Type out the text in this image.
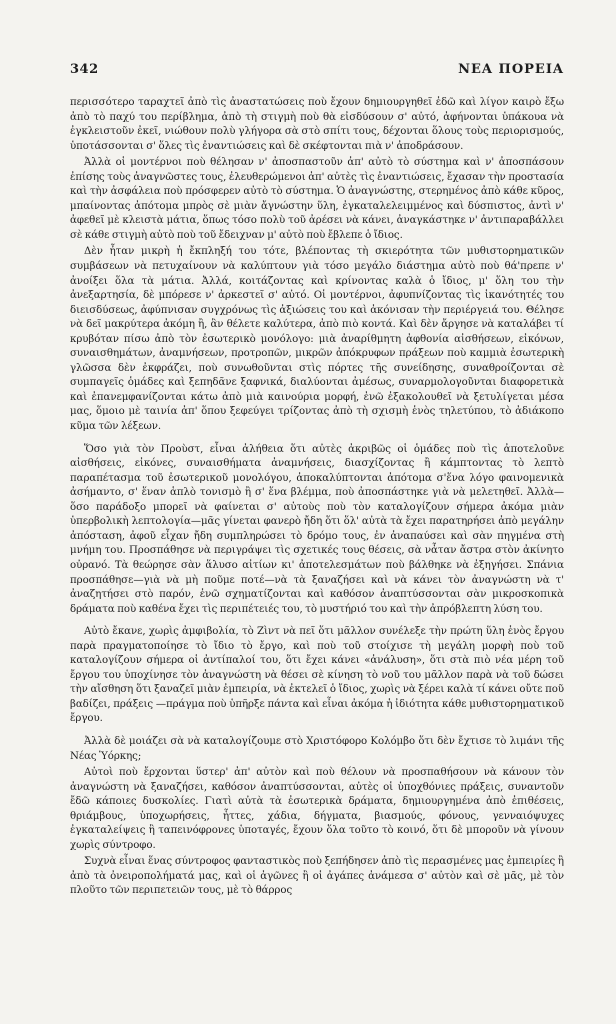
342	ΝΕΑ ΠΟΡΕΙΑ

περισσότερο ταραχτεῖ ἀπὸ τὶς ἀναστατώσεις ποὺ ἔχουν δημιουργηθεῖ ἐδῶ καὶ λίγον καιρὸ ἔξω ἀπὸ τὸ παχύ του περίβλημα, ἀπὸ τὴ στιγμὴ ποὺ θὰ εἰσδύσουν σ' αὐτό, ἀφήνονται ὑπάκουα νὰ ἐγκλειστοῦν ἐκεῖ, νιώθουν πολὺ γλήγορα σὰ στὸ σπίτι τους, δέχονται ὅλους τοὺς περιορισμούς, ὑποτάσσονται σ' ὅλες τὶς ἐναντιώσεις καὶ δὲ σκέφτονται πιὰ ν' ἀποδράσουν.

Ἀλλὰ οἱ μοντέρνοι ποὺ θέλησαν ν' ἀποσπαστοῦν ἀπ' αὐτὸ τὸ σύστημα καὶ ν' ἀποσπάσουν ἐπίσης τοὺς ἀναγνῶστες τους, ἐλευθερώμενοι ἀπ' αὐτὲς τὶς ἐναντιώσεις, ἔχασαν τὴν προστασία καὶ τὴν ἀσφάλεια ποὺ πρόσφερεν αὐτὸ τὸ σύστημα. Ὁ ἀναγνώστης, στερημένος ἀπὸ κάθε κῦρος, μπαίνοντας ἀπότομα μπρὸς σὲ μιὰν ἄγνώστην ὕλη, ἐγκαταλελειμμένος καὶ δύσπιστος, ἀντὶ ν' ἀφεθεῖ μὲ κλειστὰ μάτια, ὅπως τόσο πολὺ τοῦ ἀρέσει νὰ κάνει, ἀναγκάστηκε ν' ἀντιπαραβάλλει σὲ κάθε στιγμὴ αὐτὸ ποὺ τοῦ ἔδειχναν μ' αὐτὸ ποὺ ἔβλεπε ὁ ἴδιος.

Δὲν ἦταν μικρὴ ἡ ἔκπληξή του τότε, βλέποντας τὴ σκιερότητα τῶν μυθιστορηματικῶν συμβάσεων νὰ πετυχαίνουν νὰ καλύπτουν γιὰ τόσο μεγάλο διάστημα αὐτὸ ποὺ θά'πρεπε ν' ἀνοίξει ὅλα τὰ μάτια. Ἀλλά, κοιτάζοντας καὶ κρίνοντας καλὰ ὁ ἴδιος, μ' ὅλη του τὴν ἀνεξαρτησία, δὲ μπόρεσε ν' ἀρκεστεῖ σ' αὐτό. Οἱ μοντέρνοι, ἀφυπνίζοντας τὶς ἱκανότητές του διεισδύσεως, ἀφύπνισαν συγχρόνως τὶς ἀξιώσεις του καὶ ἀκόνισαν τὴν περιέργειά του. Θέλησε νὰ δεῖ μακρύτερα ἀκόμη ἢ, ἂν θέλετε καλύτερα, ἀπὸ πιὸ κοντά. Καὶ δὲν ἄργησε νὰ καταλάβει τί κρυβόταν πίσω ἀπὸ τὸν ἐσωτερικὸ μονόλογο: μιὰ ἀναρίθμητη ἀφθονία αἰσθήσεων, εἰκόνων, συναισθημάτων, ἀναμνήσεων, προτροπῶν, μικρῶν ἀπόκρυφων πράξεων ποὺ καμμιὰ ἐσωτερικὴ γλῶσσα δὲν ἐκφράζει, ποὺ συνωθοῦνται στὶς πόρτες τῆς συνείδησης, συναθροίζονται σὲ συμπαγεῖς ὁμάδες καὶ ξεπηδᾶνε ξαφνικά, διαλύονται ἀμέσως, συναρμολογοῦνται διαφορετικὰ καὶ ἐπανεμφανίζονται κάτω ἀπὸ μιὰ καινούρια μορφή, ἐνῶ ἐξακολουθεῖ νὰ ξετυλίγεται μέσα μας, ὅμοιο μὲ ταινία ἀπ' ὅπου ξεφεύγει τρίζοντας ἀπὸ τὴ σχισμὴ ἑνὸς τηλετύπου, τὸ ἀδιάκοπο κῦμα τῶν λέξεων.

Ὅσο γιὰ τὸν Προὺστ, εἶναι ἀλήθεια ὅτι αὐτὲς ἀκριβῶς οἱ ὁμάδες ποὺ τὶς ἀποτελοῦνε αἰσθήσεις, εἰκόνες, συναισθήματα ἀναμνήσεις, διασχίζοντας ἢ κάμπτοντας τὸ λεπτὸ παραπέτασμα τοῦ ἐσωτερικοῦ μονολόγου, ἀποκαλύπτονται ἀπότομα σ'ἕνα λόγο φαινομενικὰ ἀσήμαντο, σ' ἕναν ἁπλὸ τονισμὸ ἢ σ' ἕνα βλέμμα, ποὺ ἀποσπάστηκε γιὰ νὰ μελετηθεῖ. Ἀλλὰ—ὅσο παράδοξο μπορεῖ νὰ φαίνεται σ' αὐτοὺς ποὺ τὸν καταλογίζουν σήμερα ἀκόμα μιὰν ὑπερβολικὴ λεπτολογία—μᾶς γίνεται φανερὸ ἤδη ὅτι ὅλ' αὐτὰ τὰ ἔχει παρατηρήσει ἀπὸ μεγάλην ἀπόσταση, ἀφοῦ εἶχαν ἤδη συμπληρώσει τὸ δρόμο τους, ἐν ἀναπαύσει καὶ σὰν πηγμένα στὴ μνήμη του. Προσπάθησε νὰ περιγράψει τὶς σχετικές τους θέσεις, σὰ νἆταν ἄστρα στὸν ἀκίνητο οὐρανό. Τὰ θεώρησε σὰν ἅλυσο αἰτίων κι' ἀποτελεσμάτων ποὺ βάλθηκε νὰ ἐξηγήσει. Σπάνια προσπάθησε—γιὰ νὰ μὴ ποῦμε ποτέ—νὰ τὰ ξαναζήσει καὶ νὰ κάνει τὸν ἀναγνώστη νὰ τ' ἀναζητήσει στὸ παρόν, ἐνῶ σχηματίζονται καὶ καθόσον ἀναπτύσσονται σὰν μικροσκοπικὰ δράματα ποὺ καθένα ἔχει τὶς περιπέτειές του, τὸ μυστήριό του καὶ τὴν ἀπρόβλεπτη λύση του.

Αὐτὸ ἔκανε, χωρὶς ἀμφιβολία, τὸ Ζὶντ νὰ πεῖ ὅτι μᾶλλον συνέλεξε τὴν πρώτη ὕλη ἑνὸς ἔργου παρὰ πραγματοποίησε τὸ ἴδιο τὸ ἔργο, καὶ ποὺ τοῦ στοίχισε τὴ μεγάλη μορφὴ ποὺ τοῦ καταλογίζουν σήμερα οἱ ἀντίπαλοί του, ὅτι ἔχει κάνει «ἀνάλυση», ὅτι στὰ πιὸ νέα μέρη τοῦ ἔργου του ὑποχίνησε τὸν ἀναγνώστη νὰ θέσει σὲ κίνηση τὸ νοῦ του μᾶλλον παρὰ νὰ τοῦ δώσει τὴν αἴσθηση ὅτι ξαναζεῖ μιὰν ἐμπειρία, νὰ ἐκτελεῖ ὁ ἴδιος, χωρὶς νὰ ξέρει καλὰ τί κάνει οὔτε ποῦ βαδίζει, πράξεις —πράγμα ποὺ ὑπῆρξε πάντα καὶ εἶναι ἀκόμα ἡ ἰδιότητα κάθε μυθιστορηματικοῦ ἔργου.

Ἀλλὰ δὲ μοιάζει σὰ νὰ καταλογίζουμε στὸ Χριστόφορο Κολόμβο ὅτι δὲν ἔχτισε τὸ λιμάνι τῆς Νέας Ὑόρκης;

Αὐτοὶ ποὺ ἔρχονται ὕστερ' ἀπ' αὐτὸν καὶ ποὺ θέλουν νὰ προσπαθήσουν νὰ κάνουν τὸν ἀναγνώστη νὰ ξαναζήσει, καθόσον ἀναπτύσσονται, αὐτὲς οἱ ὑποχθόνιες πράξεις, συναντοῦν ἔδῶ κάποιες δυσκολίες. Γιατὶ αὐτὰ τὰ ἐσωτερικὰ δράματα, δημιουργημένα ἀπὸ ἐπιθέσεις, θριάμβους, ὑποχωρήσεις, ἧττες, χάδια, δήγματα, βιασμούς, φόνους, γενναιόψυχες ἐγκαταλείψεις ἢ ταπεινόφρονες ὑποταγές, ἔχουν ὅλα τοῦτο τὸ κοινό, ὅτι δὲ μποροῦν νὰ γίνουν χωρὶς σύντροφο.

Συχνὰ εἶναι ἕνας σύντροφος φανταστικὸς ποὺ ξεπήδησεν ἀπὸ τὶς περασμένες μας ἐμπειρίες ἢ ἀπὸ τὰ ὀνειροπολήματά μας, καὶ οἱ ἀγῶνες ἢ οἱ ἀγάπες ἀνάμεσα σ' αὐτὸν καὶ σὲ μᾶς, μὲ τὸν πλοῦτο τῶν περιπετειῶν τους, μὲ τὸ θάρρος
